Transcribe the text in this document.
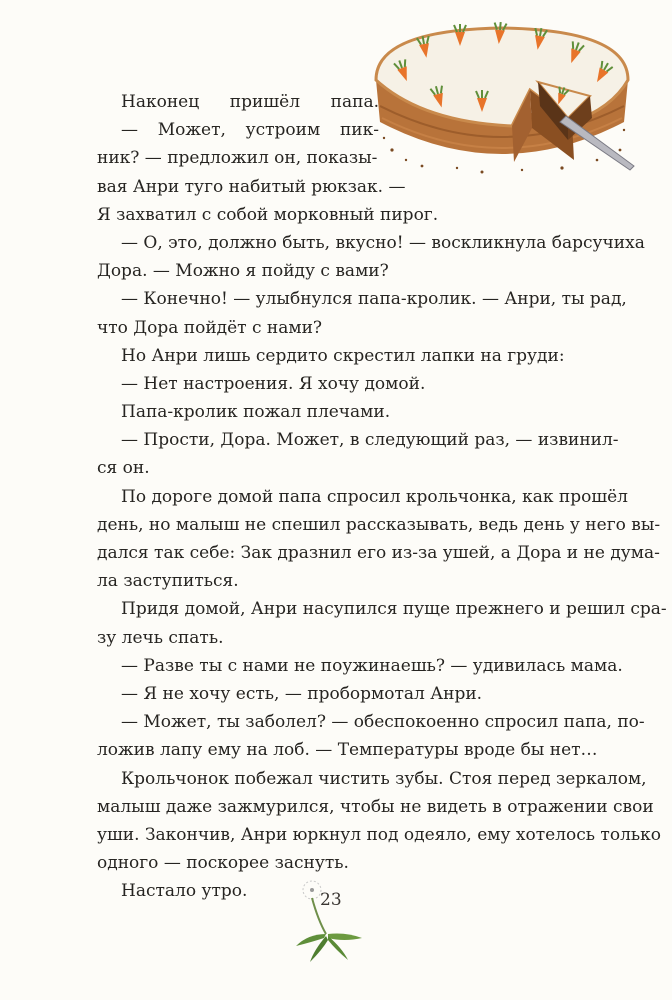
Наконец пришёл папа.
— Может, устроим пик-
ник? — предложил он, показы-
вая Анри туго набитый рюкзак. —
Я захватил с собой морковный пирог.
— О, это, должно быть, вкусно! — воскликнула барсучиха
Дора. — Можно я пойду с вами?
— Конечно! — улыбнулся папа-кролик. — Анри, ты рад,
что Дора пойдёт с нами?
Но Анри лишь сердито скрестил лапки на груди:
— Нет настроения. Я хочу домой.
Папа-кролик пожал плечами.
— Прости, Дора. Может, в следующий раз, — извинил-
ся он.
По дороге домой папа спросил крольчонка, как прошёл
день, но малыш не спешил рассказывать, ведь день у него вы-
дался так себе: Зак дразнил его из-за ушей, а Дора и не дума-
ла заступиться.
Придя домой, Анри насупился пуще прежнего и решил сра-
зу лечь спать.
— Разве ты с нами не поужинаешь? — удивилась мама.
— Я не хочу есть, — пробормотал Анри.
— Может, ты заболел? — обеспокоенно спросил папа, по-
ложив лапу ему на лоб. — Температуры вроде бы нет…
Крольчонок побежал чистить зубы. Стоя перед зеркалом,
малыш даже зажмурился, чтобы не видеть в отражении свои
уши. Закончив, Анри юркнул под одеяло, ему хотелось только
одного — поскорее заснуть.
Настало утро.	23
